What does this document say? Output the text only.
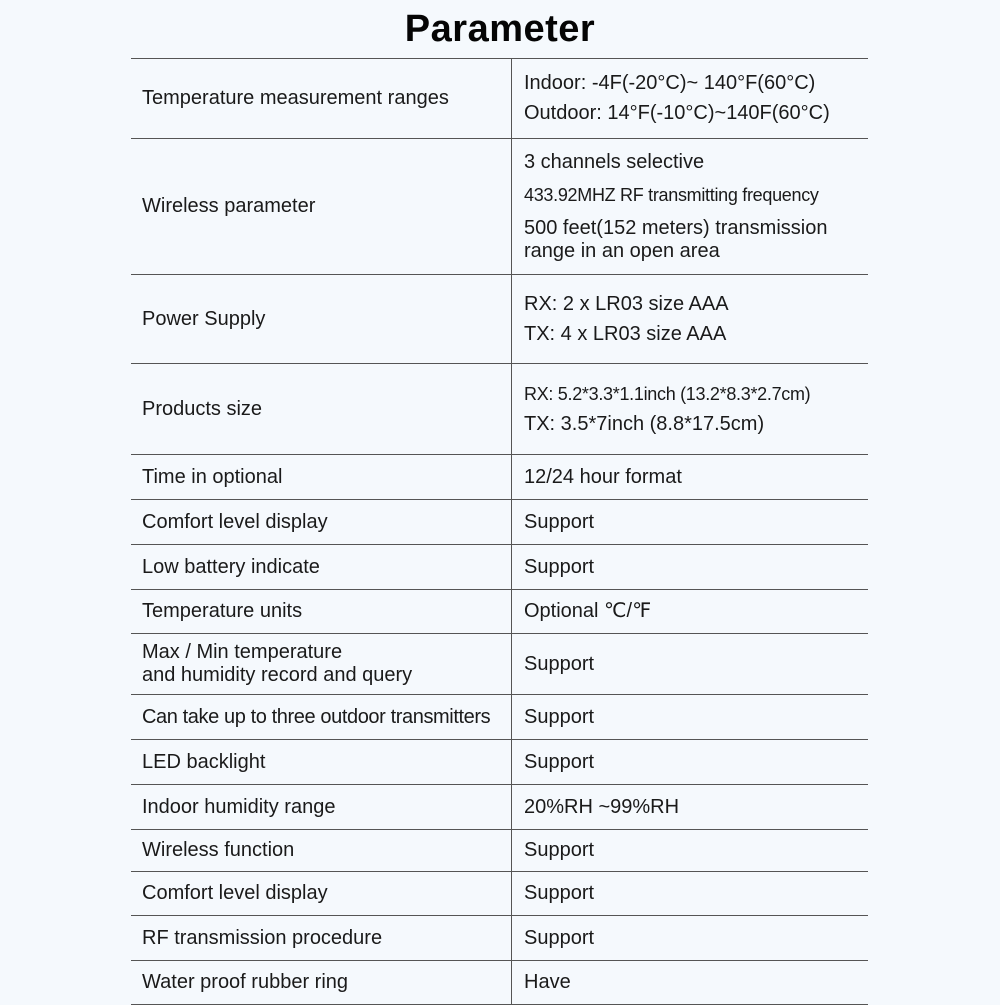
Parameter
Temperature measurement ranges	Indoor: -4F(-20°C)~ 140°F(60°C)
Outdoor: 14°F(-10°C)~140F(60°C)

Wireless parameter	3 channels selective
433.92MHZ RF transmitting frequency
500 feet(152 meters) transmission
range in an open area

Power Supply	RX: 2 x LR03 size AAA
TX: 4 x LR03 size AAA

Products size	RX: 5.2*3.3*1.1inch (13.2*8.3*2.7cm)
TX: 3.5*7inch (8.8*17.5cm)

Time in optional	12/24 hour format
Comfort level display	Support
Low battery indicate	Support
Temperature units	Optional ℃/℉

Max / Min temperature
and humidity record and query	Support
Can take up to three outdoor transmitters	Support
LED backlight	Support
Indoor humidity range	20%RH ~99%RH
Wireless function	Support
Comfort level display	Support
RF transmission procedure	Support
Water proof rubber ring	Have
